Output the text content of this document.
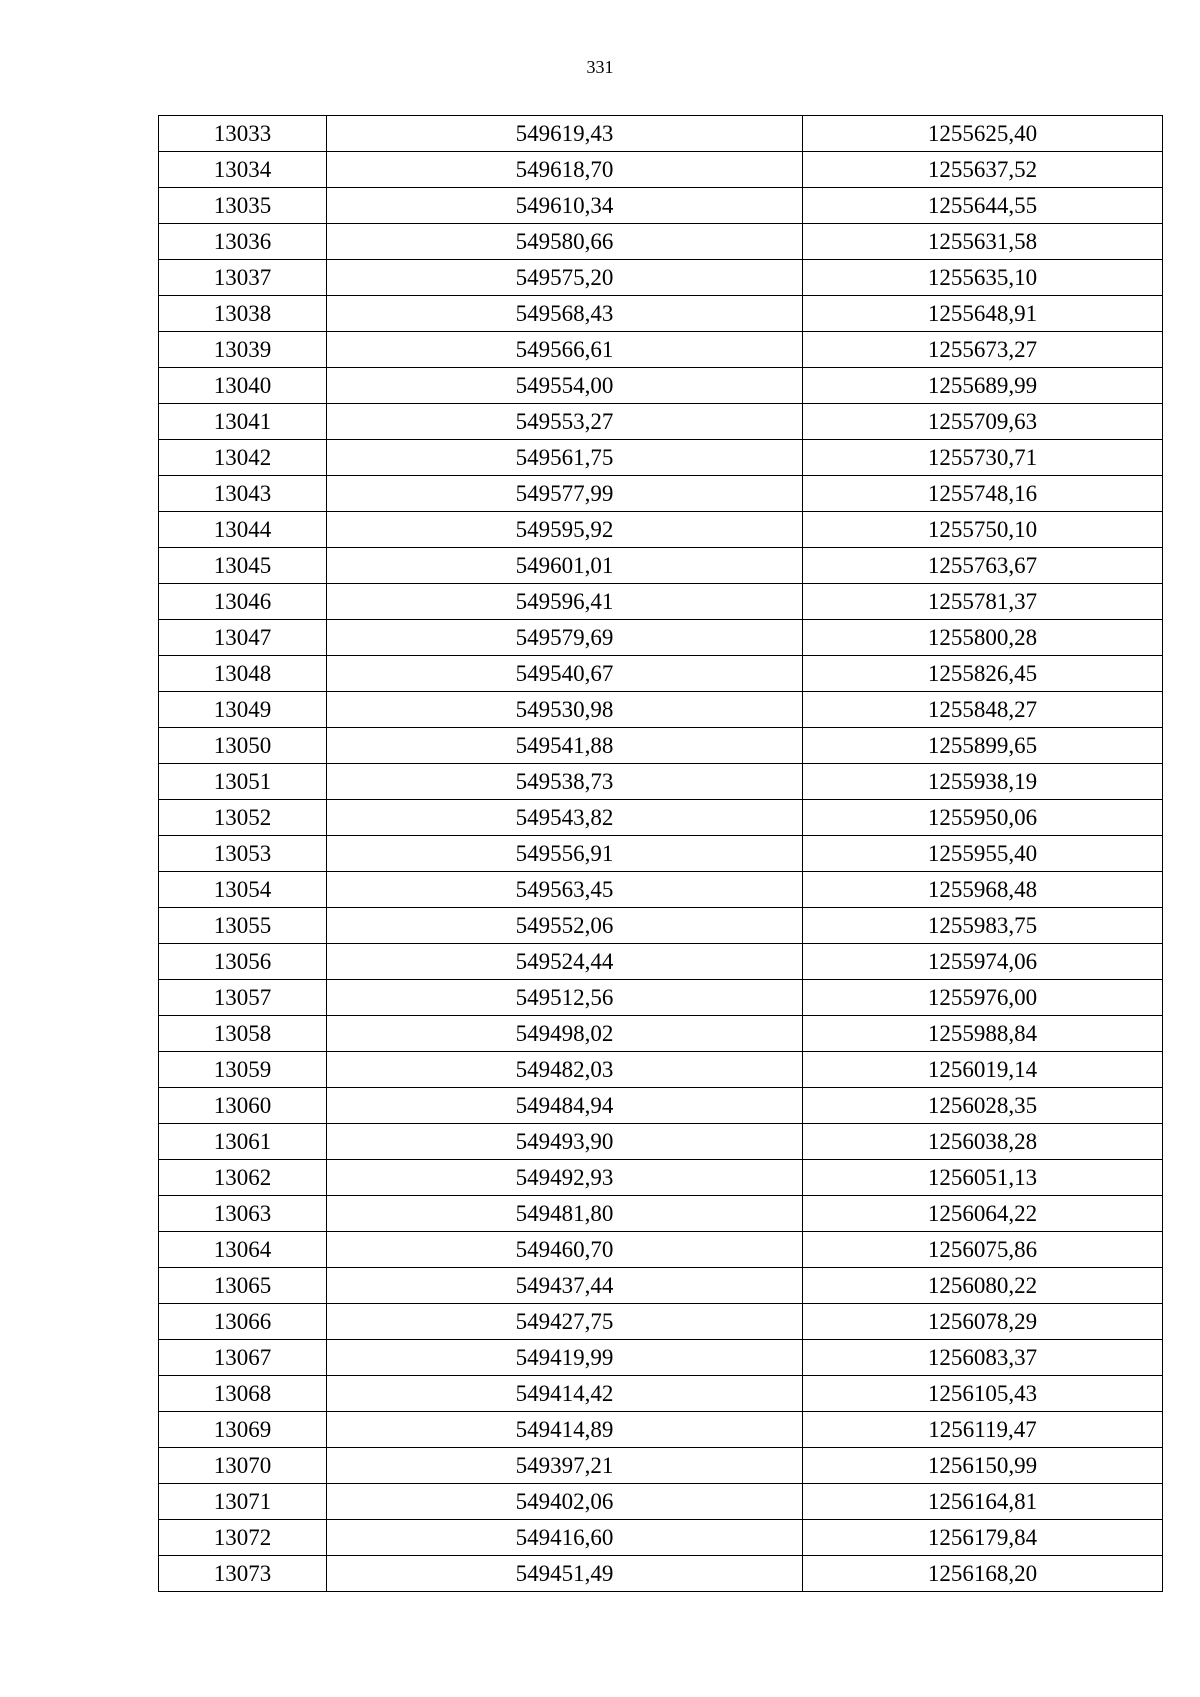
331
13033	549619,43	1255625,40
13034	549618,70	1255637,52
13035	549610,34	1255644,55
13036	549580,66	1255631,58
13037	549575,20	1255635,10
13038	549568,43	1255648,91
13039	549566,61	1255673,27
13040	549554,00	1255689,99
13041	549553,27	1255709,63
13042	549561,75	1255730,71
13043	549577,99	1255748,16
13044	549595,92	1255750,10
13045	549601,01	1255763,67
13046	549596,41	1255781,37
13047	549579,69	1255800,28
13048	549540,67	1255826,45
13049	549530,98	1255848,27
13050	549541,88	1255899,65
13051	549538,73	1255938,19
13052	549543,82	1255950,06
13053	549556,91	1255955,40
13054	549563,45	1255968,48
13055	549552,06	1255983,75
13056	549524,44	1255974,06
13057	549512,56	1255976,00
13058	549498,02	1255988,84
13059	549482,03	1256019,14
13060	549484,94	1256028,35
13061	549493,90	1256038,28
13062	549492,93	1256051,13
13063	549481,80	1256064,22
13064	549460,70	1256075,86
13065	549437,44	1256080,22
13066	549427,75	1256078,29
13067	549419,99	1256083,37
13068	549414,42	1256105,43
13069	549414,89	1256119,47
13070	549397,21	1256150,99
13071	549402,06	1256164,81
13072	549416,60	1256179,84
13073	549451,49	1256168,20
